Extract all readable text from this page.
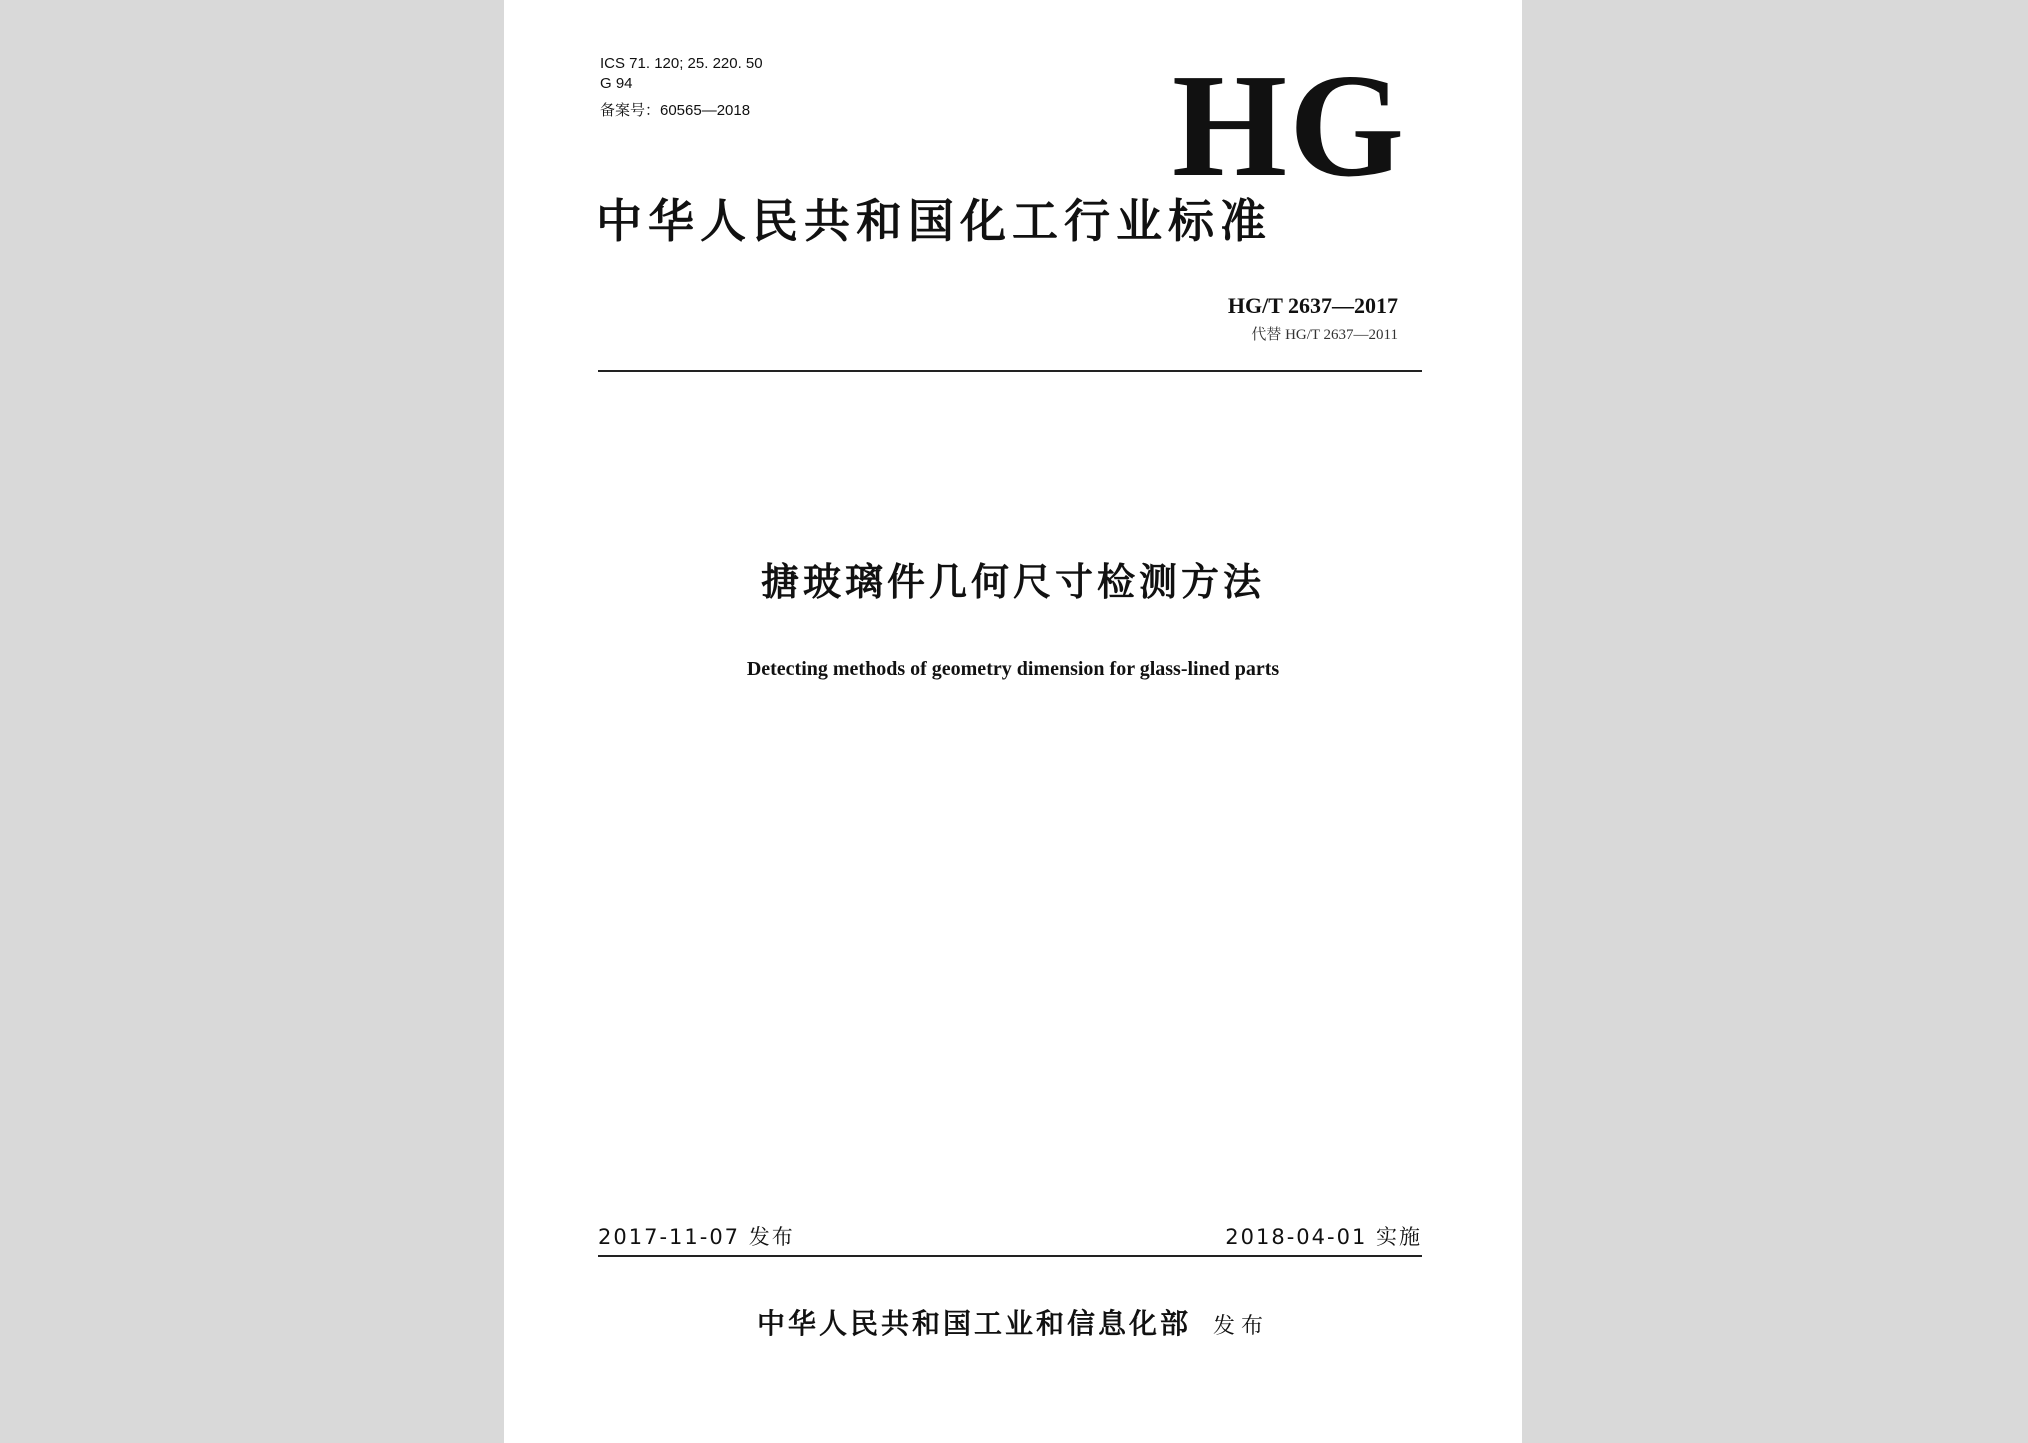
ICS 71. 120; 25. 220. 50
G 94
备案号：60565—2018	HG
中华人民共和国化工行业标准
HG/T 2637—2017
代替 HG/T 2637—2011
搪玻璃件几何尺寸检测方法
Detecting methods of geometry dimension for glass-lined parts
2017-11-07 发布	2018-04-01 实施
中华人民共和国工业和信息化部 发布
